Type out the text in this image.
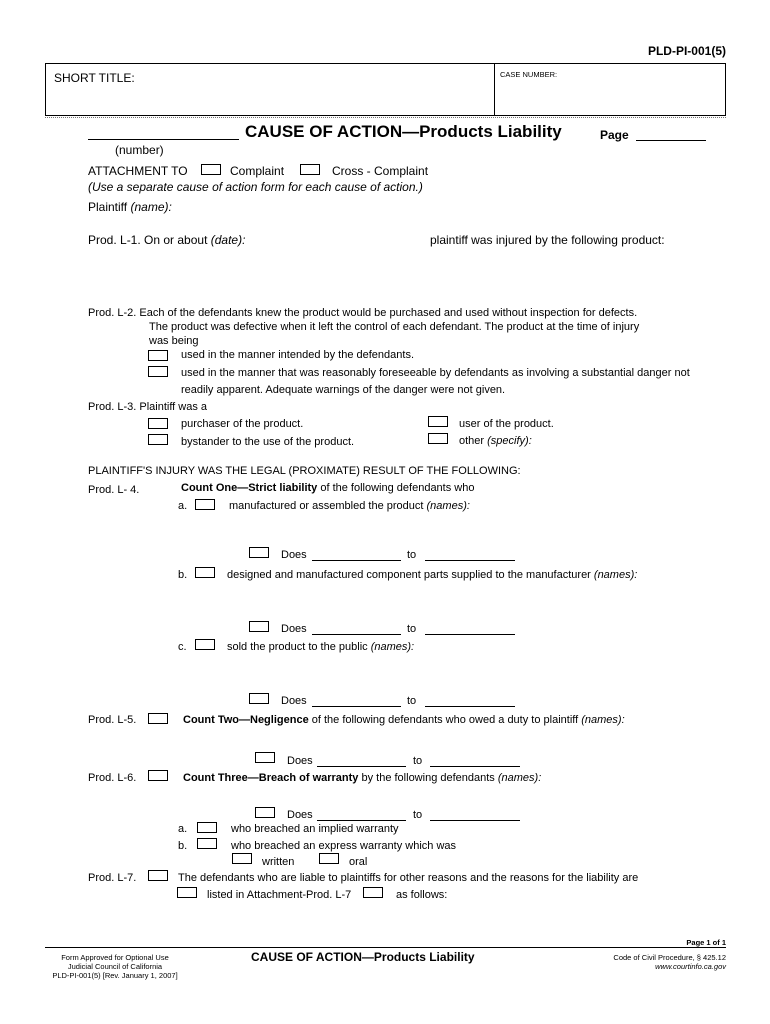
PLD-PI-001(5)
SHORT TITLE:	CASE NUMBER:
(number)
CAUSE OF ACTION—Products Liability	Page
ATTACHMENT TO	Complaint	Cross - Complaint
(Use a separate cause of action form for each cause of action.)
Plaintiff (name):
Prod. L-1. On or about (date):	plaintiff was injured by the following product:
Prod. L-2. Each of the defendants knew the product would be purchased and used without inspection for defects.
The product was defective when it left the control of each defendant. The product at the time of injury
was being
used in the manner intended by the defendants.
used in the manner that was reasonably foreseeable by defendants as involving a substantial danger not
readily apparent. Adequate warnings of the danger were not given.
Prod. L-3. Plaintiff was a
purchaser of the product.
bystander to the use of the product.
user of the product.
other (specify):
PLAINTIFF'S INJURY WAS THE LEGAL (PROXIMATE) RESULT OF THE FOLLOWING:
Prod. L- 4.	Count One—Strict liability of the following defendants who
a.	manufactured or assembled the product (names):
Does	to
b.	designed and manufactured component parts supplied to the manufacturer (names):
Does	to
c.	sold the product to the public (names):
Does	to
Prod. L-5.	Count Two—Negligence of the following defendants who owed a duty to plaintiff (names):
Does	to
Prod. L-6.	Count Three—Breach of warranty by the following defendants (names):
Does	to
a.	who breached an implied warranty
b.	who breached an express warranty which was
written	oral
Prod. L-7.	The defendants who are liable to plaintiffs for other reasons and the reasons for the liability are
listed in Attachment-Prod. L-7	as follows:
Page 1 of 1
Form Approved for Optional Use
Judicial Council of California
PLD-PI-001(5) [Rev. January 1, 2007]
CAUSE OF ACTION—Products Liability	Code of Civil Procedure, § 425.12
www.courtinfo.ca.gov
